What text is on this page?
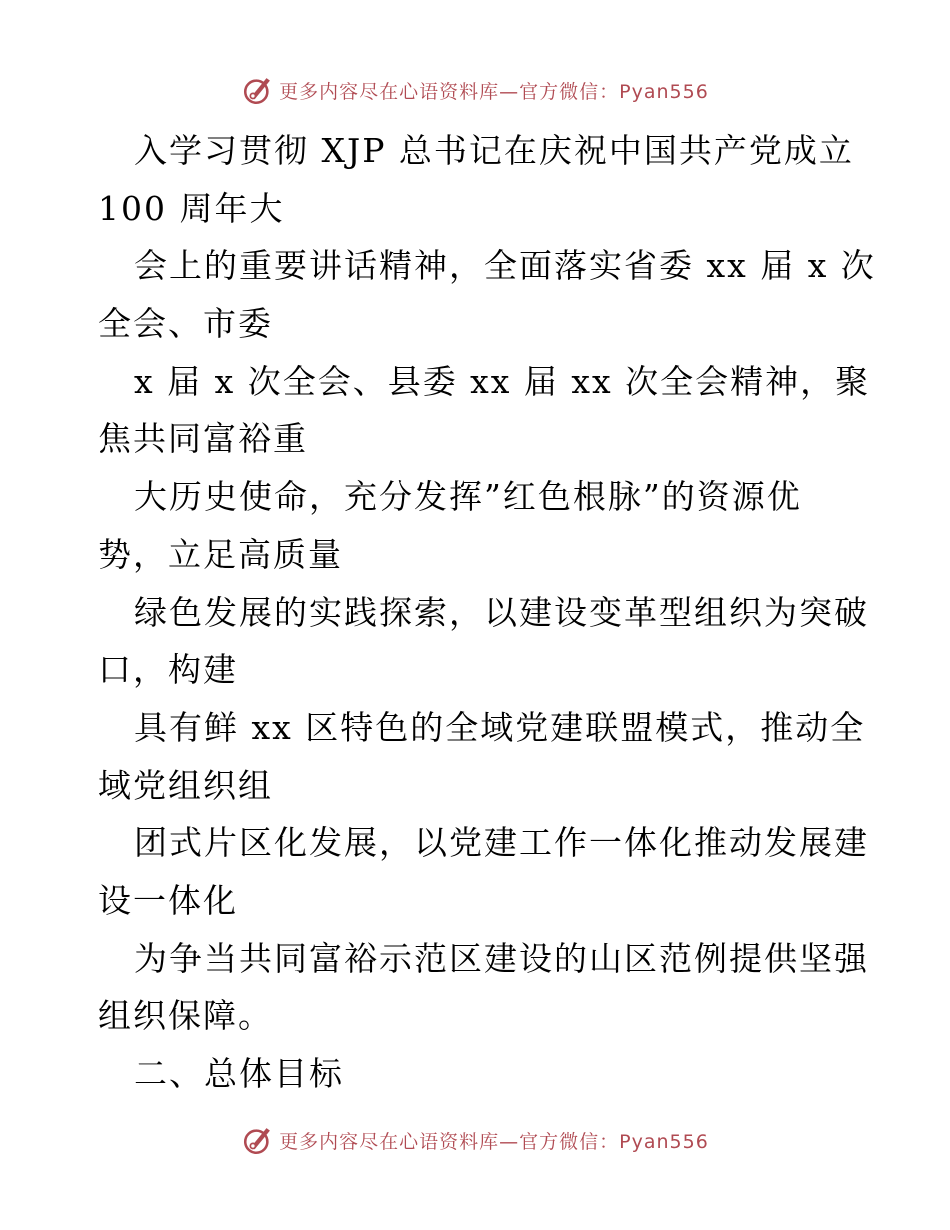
更多内容尽在心语资料库—官方微信：Pyan556
入学习贯彻 XJP 总书记在庆祝中国共产党成立
100 周年大
会上的重要讲话精神，全面落实省委 xx 届 x 次
全会、市委
x 届 x 次全会、县委 xx 届 xx 次全会精神，聚
焦共同富裕重
大历史使命，充分发挥”红色根脉”的资源优
势，立足高质量
绿色发展的实践探索，以建设变革型组织为突破
口，构建
具有鲜 xx 区特色的全域党建联盟模式，推动全
域党组织组
团式片区化发展，以党建工作一体化推动发展建
设一体化
为争当共同富裕示范区建设的山区范例提供坚强
组织保障。
二、总体目标
更多内容尽在心语资料库—官方微信：Pyan556
